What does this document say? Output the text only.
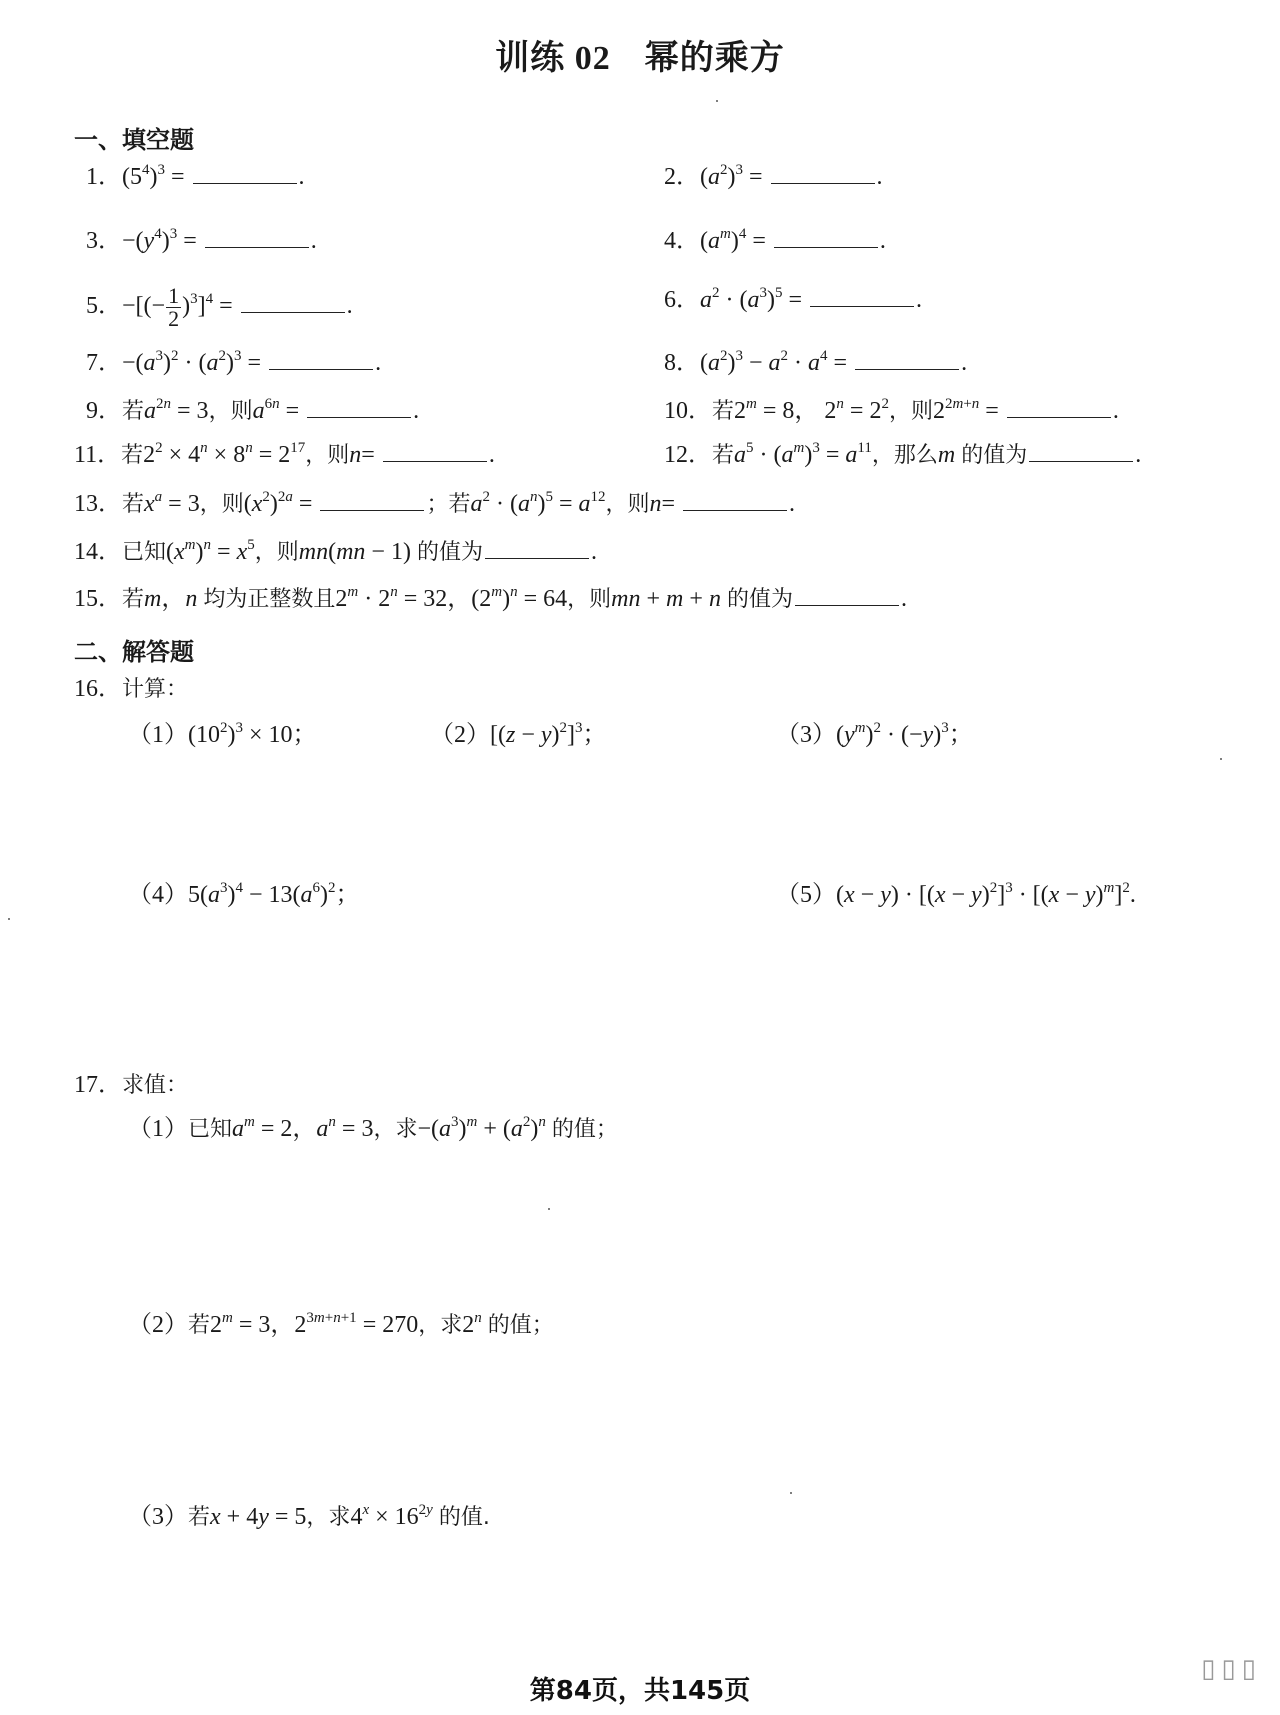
训练 02 幂的乘方
一、填空题
1．$(5^4)^3$ =	.	2．$(a^2)^3$ =	.
3．$-(y^4)^3$ =	.	4．$(a^m)^4$ =	.
5．−[(− $\frac{1}{2} )^3]^4$ =	.	6．$a^2 \cdot (a^3)^5$ =	.
7．$-(a^3)^2 \cdot (a^2)^3$ =	.	8．$(a^2)^3 - a^2 \cdot a^4$ =	.
9．若$a^{2n} = 3$，则$a^{6n}$ =	.	10．若$2^m = 8$， $2^n = 2^2$，则$2^{2m+n}$ =	.
11．若$2^2 \times 4^n \times 8^n = 2^{17}$，则n=	.	12．若$a^5 \cdot (a^m)^3 = a^{11}$，那么m 的值为	.
13．若$x^a = 3$，则$(x^2)^{2a}$ =	；若$a^2 \cdot (a^n)^5 = a^{12}$，则n=	.
14．已知$(x^m)^n = x^5$，则mn(mn − 1) 的值为	.
15．若m，n 均为正整数且$2^m \cdot 2^n = 32$，$(2^m)^n = 64$，则mn + m + n 的值为	.
二、解答题
16．计算：
$(1)(10^2)^3 \times 10$；	$(2)[(z - y)^2]^3$；	$(3)(y^m)^2 \cdot (-y)^3$；
$(4)5(a^3)^4 - 13(a^6)^2$；	$(5)(x - y) \cdot [(x - y)^2]^3 \cdot [(x - y)^m]^2$.
17．求值：
（1）已知$a^m = 2$，$a^n = 3$，求$-(a^3)^m + (a^2)^n$ 的值；
（2）若$2^m = 3$，$2^{3m+n+1} = 270$，求2$^n$ 的值；
（3）若x + 4y = 5，求$4^x \times 16^{2y}$ 的值.
▯▯▯
第84页，共145页
